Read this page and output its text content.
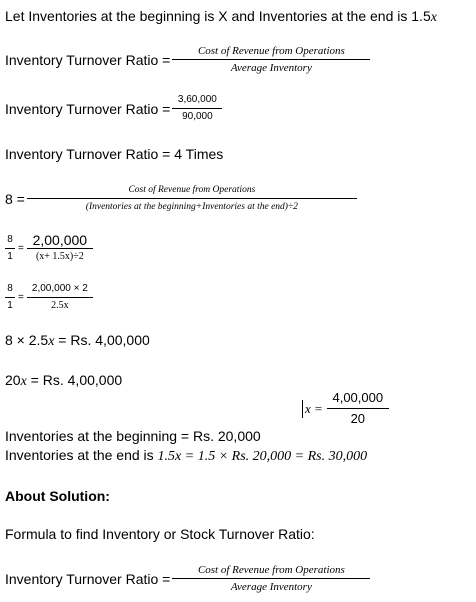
Let Inventories at the beginning is X and Inventories at the end is 1.5x
Inventory Turnover Ratio = $\frac{\text{Cost of Revenue from Operations}}{\text{Average Inventory}}$
Inventory Turnover Ratio = $\frac{3,60,000}{90,000}$
Inventory Turnover Ratio = 4 Times
$8 = \frac{\text{Cost of Revenue from Operations}}{\text{(Inventories at the beginning+Inventories at the end)÷2}}$
$\frac{8}{1} = \frac{2,00,000}{(x+ 1.5x)\div 2}$
$\frac{8}{1} = \frac{2,00,000 \times 2}{2.5x}$
8 × 2.5x = Rs. 4,00,000
20x = Rs. 4,00,000
$x = \frac{4,00,000}{20}$
Inventories at the beginning = Rs. 20,000
Inventories at the end is 1.5x = 1.5 × Rs. 20,000 = Rs. 30,000
About Solution:
Formula to find Inventory or Stock Turnover Ratio:
Inventory Turnover Ratio = $\frac{\text{Cost of Revenue from Operations}}{\text{Average Inventory}}$
